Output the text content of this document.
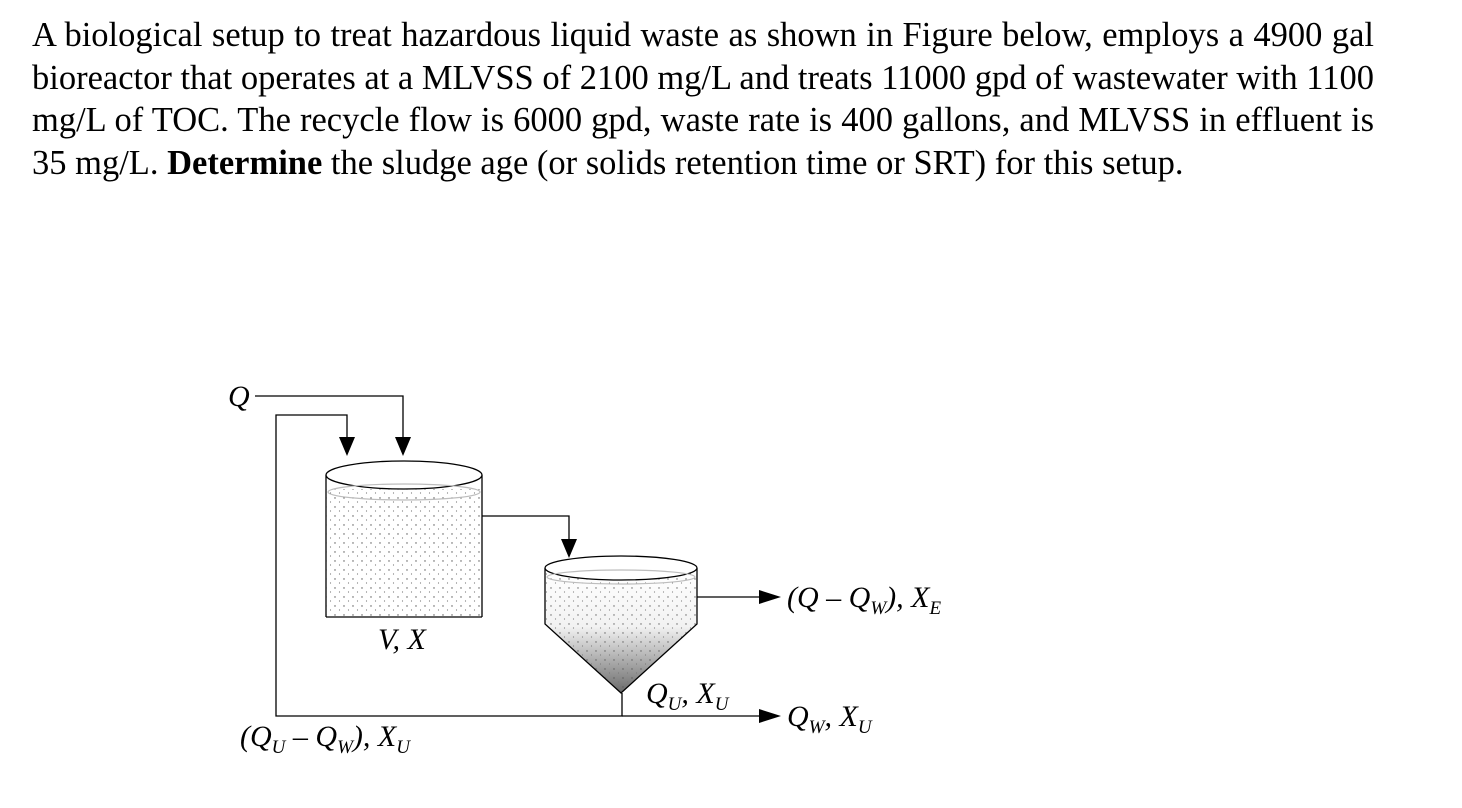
A biological setup to treat hazardous liquid waste as shown in Figure below, employs a 4900 gal bioreactor that operates at a MLVSS of 2100 mg/L and treats 11000 gpd of wastewater with 1100 mg/L of TOC. The recycle flow is 6000 gpd, waste rate is 400 gallons, and MLVSS in effluent is 35 mg/L. Determine the sludge age (or solids retention time or SRT) for this setup.

Q
V, X
$Q_U$, $X_U$
$(Q - Q_W)$, $X_E$
$Q_W$, $X_U$
$(Q_U - Q_W)$, $X_U$
